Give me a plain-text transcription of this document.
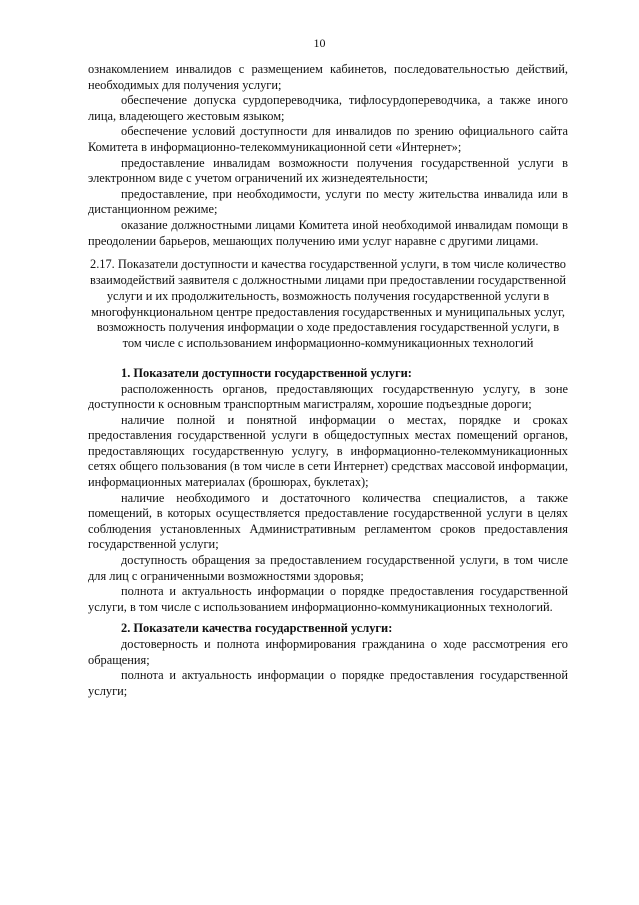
10
ознакомлением инвалидов с размещением кабинетов, последовательностью действий, необходимых для получения услуги;
обеспечение допуска сурдопереводчика, тифлосурдопереводчика, а также иного лица, владеющего жестовым языком;
обеспечение условий доступности для инвалидов по зрению официального сайта Комитета в информационно-телекоммуникационной сети «Интернет»;
предоставление инвалидам возможности получения государственной услуги в электронном виде с учетом ограничений их жизнедеятельности;
предоставление, при необходимости, услуги по месту жительства инвалида или в дистанционном режиме;
оказание должностными лицами Комитета иной необходимой инвалидам помощи в преодолении барьеров, мешающих получению ими услуг наравне с другими лицами.
2.17. Показатели доступности и качества государственной услуги, в том числе количество взаимодействий заявителя с должностными лицами при предоставлении государственной услуги и их продолжительность, возможность получения государственной услуги в многофункциональном центре предоставления государственных и муниципальных услуг, возможность получения информации о ходе предоставления государственной услуги, в том числе с использованием информационно-коммуникационных технологий
1. Показатели доступности государственной услуги:
расположенность органов, предоставляющих государственную услугу, в зоне доступности к основным транспортным магистралям, хорошие подъездные дороги;
наличие полной и понятной информации о местах, порядке и сроках предоставления государственной услуги в общедоступных местах помещений органов, предоставляющих государственную услугу, в информационно-телекоммуникационных сетях общего пользования (в том числе в сети Интернет) средствах массовой информации, информационных материалах (брошюрах, буклетах);
наличие необходимого и достаточного количества специалистов, а также помещений, в которых осуществляется предоставление государственной услуги в целях соблюдения установленных Административным регламентом сроков предоставления государственной услуги;
доступность обращения за предоставлением государственной услуги, в том числе для лиц с ограниченными возможностями здоровья;
полнота и актуальность информации о порядке предоставления государственной услуги, в том числе с использованием информационно-коммуникационных технологий.
2. Показатели качества государственной услуги:
достоверность и полнота информирования гражданина о ходе рассмотрения его обращения;
полнота и актуальность информации о порядке предоставления государственной услуги;
